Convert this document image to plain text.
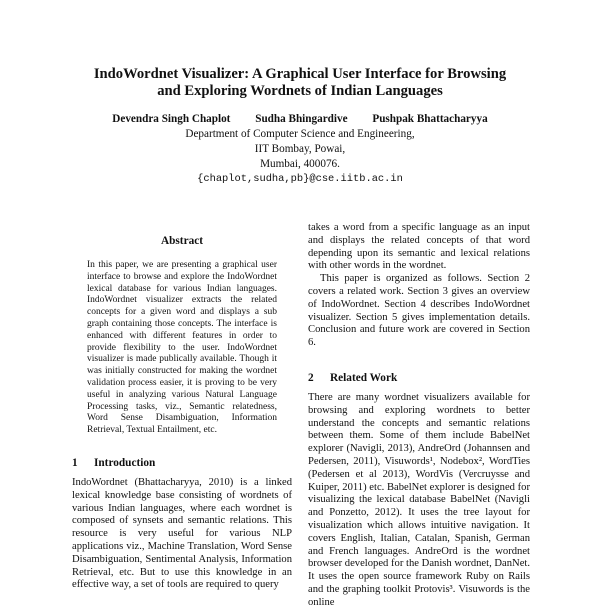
IndoWordnet Visualizer: A Graphical User Interface for Browsing
and Exploring Wordnets of Indian Languages
Devendra Singh Chaplot Sudha Bhingardive Pushpak Bhattacharyya
Department of Computer Science and Engineering,
IIT Bombay, Powai,
Mumbai, 400076.
{chaplot,sudha,pb}@cse.iitb.ac.in
Abstract

In this paper, we are presenting a graphical user interface to browse and explore the IndoWordnet lexical database for various Indian languages. IndoWordnet visualizer extracts the related concepts for a given word and displays a sub graph containing those concepts. The interface is enhanced with different features in order to provide flexibility to the user. IndoWordnet visualizer is made publically available. Though it was initially constructed for making the wordnet validation process easier, it is proving to be very useful in analyzing various Natural Language Processing tasks, viz., Semantic relatedness, Word Sense Disambiguation, Information Retrieval, Textual Entailment, etc.

1 Introduction

IndoWordnet (Bhattacharyya, 2010) is a linked lexical knowledge base consisting of wordnets of various Indian languages, where each wordnet is composed of synsets and semantic relations. This resource is very useful for various NLP applications viz., Machine Translation, Word Sense Disambiguation, Sentimental Analysis, Information Retrieval, etc. But to use this knowledge in an effective way, a set of tools are required to query

takes a word from a specific language as an input and displays the related concepts of that word depending upon its semantic and lexical relations with other words in the wordnet.

This paper is organized as follows. Section 2 covers a related work. Section 3 gives an overview of IndoWordnet. Section 4 describes IndoWordnet visualizer. Section 5 gives implementation details. Conclusion and future work are covered in Section 6.

2 Related Work

There are many wordnet visualizers available for browsing and exploring wordnets to better understand the concepts and semantic relations between them. Some of them include BabelNet explorer (Navigli, 2013), AndreOrd (Johannsen and Pedersen, 2011), Visuwords¹, Nodebox², WordTies (Pedersen et al 2013), WordVis (Vercruysse and Kuiper, 2011) etc. BabelNet explorer is designed for visualizing the lexical database BabelNet (Navigli and Ponzetto, 2012). It uses the tree layout for visualization which allows intuitive navigation. It covers English, Italian, Catalan, Spanish, German and French languages. AndreOrd is the wordnet browser developed for the Danish wordnet, DanNet. It uses the open source framework Ruby on Rails and the graphing toolkit Protovis³. Visuwords is the online
